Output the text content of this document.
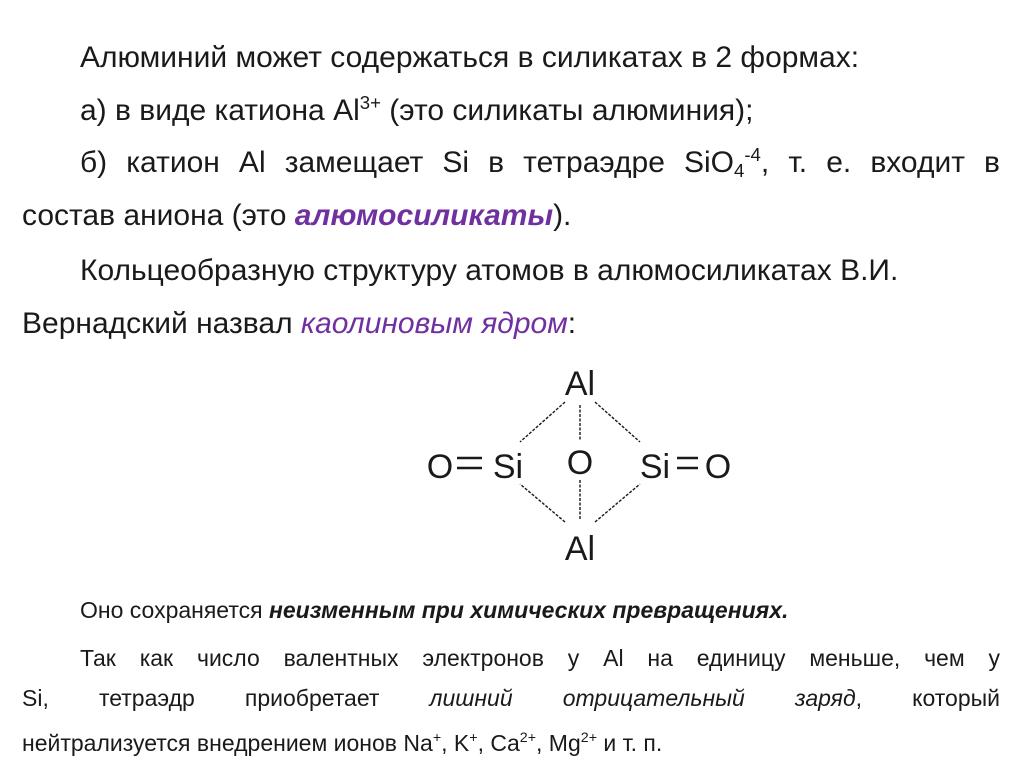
Алюминий может содержаться в силикатах в 2 формах:
а) в виде катиона $Al^{3+}$ (это силикаты алюминия);
б) катион Al замещает Si в тетраэдре SiO$_4^{-4}$, т. е. входит в
состав аниона (это алюмосиликаты).
Кольцеобразную структуру атомов в алюмосиликатах В.И.
Вернадский назвал каолиновым ядром:
Al
Al
O Si O Si O
Оно сохраняется неизменным при химических превращениях.
Так как число валентных электронов у Al на единицу меньше, чем у
Si, тетраэдр приобретает лишний отрицательный заряд, который
нейтрализуется внедрением ионов Na+, K+, $Ca^{2+}$, $Mg^{2+}$ и т. п.
